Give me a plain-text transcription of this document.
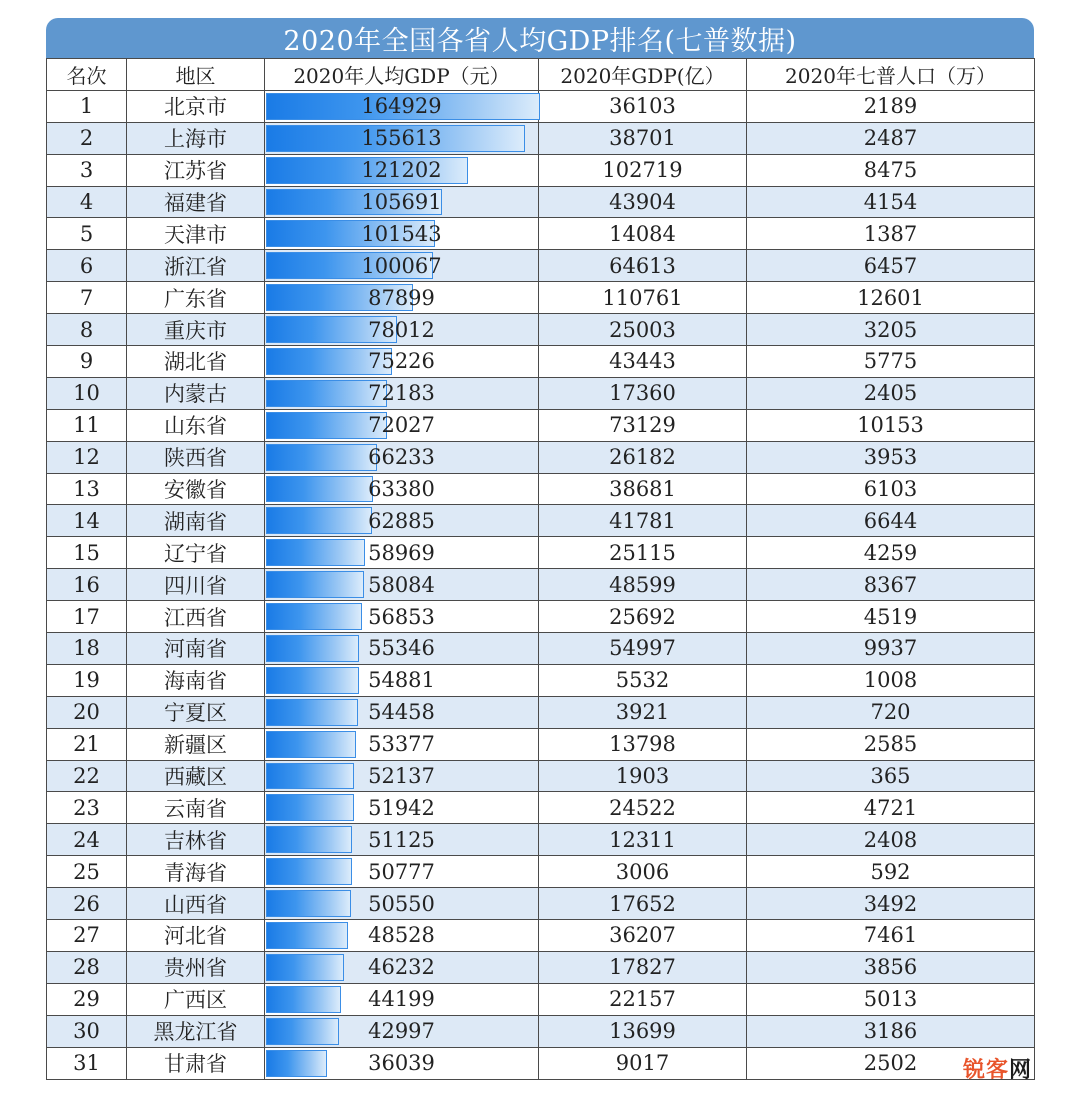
2020年全国各省人均GDP排名(七普数据)
名次	地区	2020年人均GDP（元）	2020年GDP(亿）	2020年七普人口（万）
1	北京市	164929	36103	2189
2	上海市	155613	38701	2487
3	江苏省	121202	102719	8475
4	福建省	105691	43904	4154
5	天津市	101543	14084	1387
6	浙江省	100067	64613	6457
7	广东省	87899	110761	12601
8	重庆市	78012	25003	3205
9	湖北省	75226	43443	5775
10	内蒙古	72183	17360	2405
11	山东省	72027	73129	10153
12	陕西省	66233	26182	3953
13	安徽省	63380	38681	6103
14	湖南省	62885	41781	6644
15	辽宁省	58969	25115	4259
16	四川省	58084	48599	8367
17	江西省	56853	25692	4519
18	河南省	55346	54997	9937
19	海南省	54881	5532	1008
20	宁夏区	54458	3921	720
21	新疆区	53377	13798	2585
22	西藏区	52137	1903	365
23	云南省	51942	24522	4721
24	吉林省	51125	12311	2408
25	青海省	50777	3006	592
26	山西省	50550	17652	3492
27	河北省	48528	36207	7461
28	贵州省	46232	17827	3856
29	广西区	44199	22157	5013
30	黑龙江省	42997	13699	3186
31	甘肃省	36039	9017	2502 锐客网
